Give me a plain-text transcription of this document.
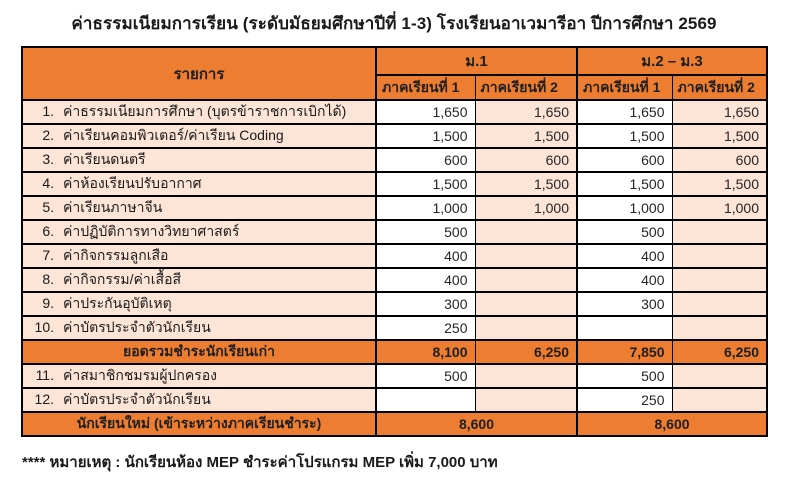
ค่าธรรมเนียมการเรียน (ระดับมัธยมศึกษาปีที่ 1-3) โรงเรียนอาเวมารีอา ปีการศึกษา 2569
รายการ	ม.1		ม.2 – ม.3	
	ภาคเรียนที่ 1	ภาคเรียนที่ 2	ภาคเรียนที่ 1	ภาคเรียนที่ 2
1. ค่าธรรมเนียมการศึกษา (บุตรข้าราชการเบิกได้)	1,650	1,650	1,650	1,650
2. ค่าเรียนคอมพิวเตอร์/ค่าเรียน Coding	1,500	1,500	1,500	1,500
3. ค่าเรียนดนตรี	600	600	600	600
4. ค่าห้องเรียนปรับอากาศ	1,500	1,500	1,500	1,500
5. ค่าเรียนภาษาจีน	1,000	1,000	1,000	1,000
6. ค่าปฏิบัติการทางวิทยาศาสตร์	500		500	
7. ค่ากิจกรรมลูกเสือ	400		400	
8. ค่ากิจกรรม/ค่าเสื้อสี	400		400	
9. ค่าประกันอุบัติเหตุ	300		300	
10. ค่าบัตรประจำตัวนักเรียน	250			
ยอดรวมชำระนักเรียนเก่า	8,100	6,250	7,850	6,250
11. ค่าสมาชิกชมรมผู้ปกครอง	500		500	
12. ค่าบัตรประจำตัวนักเรียน			250	
นักเรียนใหม่ (เข้าระหว่างภาคเรียนชำระ)	8,600		8,600	
**** หมายเหตุ : นักเรียนห้อง MEP ชำระค่าโปรแกรม MEP เพิ่ม 7,000 บาท
